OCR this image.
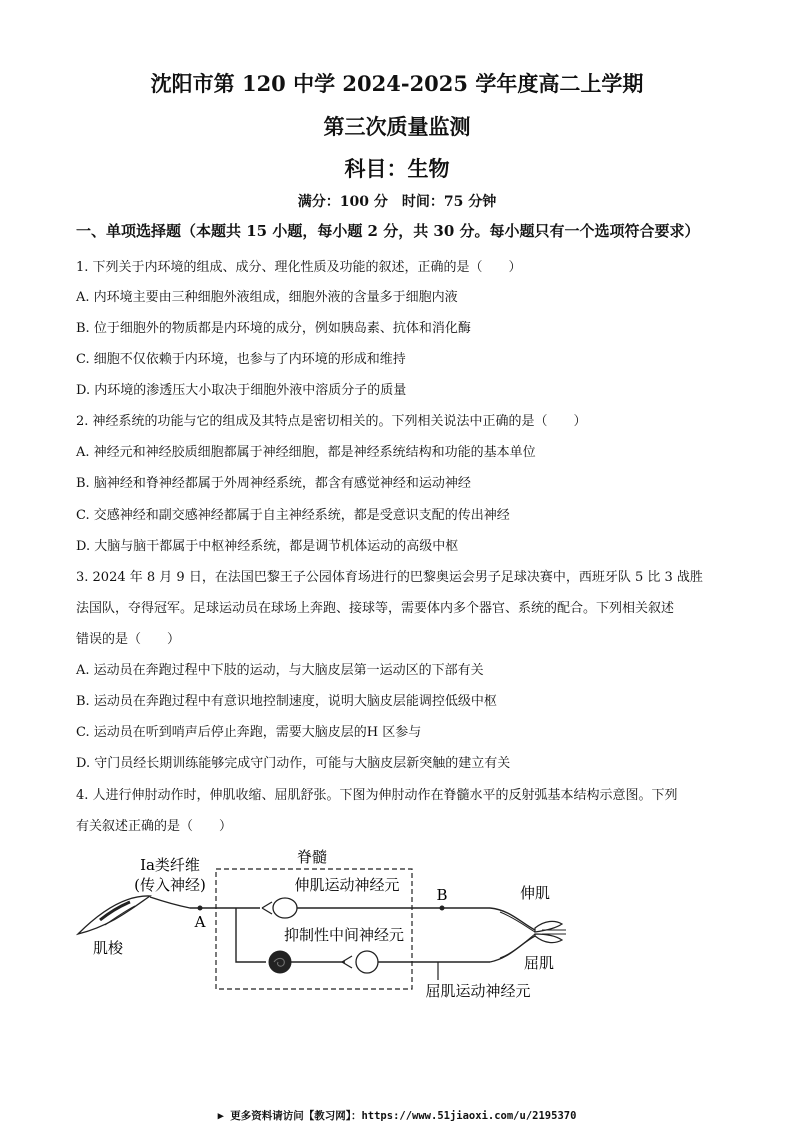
沈阳市第 120 中学 2024-2025 学年度高二上学期
第三次质量监测
科目：生物
满分：100 分　时间：75 分钟
一、单项选择题（本题共 15 小题，每小题 2 分，共 30 分。每小题只有一个选项符合要求）
1. 下列关于内环境的组成、成分、理化性质及功能的叙述，正确的是（　　）
A. 内环境主要由三种细胞外液组成，细胞外液的含量多于细胞内液
B. 位于细胞外的物质都是内环境的成分，例如胰岛素、抗体和消化酶
C. 细胞不仅依赖于内环境，也参与了内环境的形成和维持
D. 内环境的渗透压大小取决于细胞外液中溶质分子的质量
2. 神经系统的功能与它的组成及其特点是密切相关的。下列相关说法中正确的是（　　）
A. 神经元和神经胶质细胞都属于神经细胞，都是神经系统结构和功能的基本单位
B. 脑神经和脊神经都属于外周神经系统，都含有感觉神经和运动神经
C. 交感神经和副交感神经都属于自主神经系统，都是受意识支配的传出神经
D. 大脑与脑干都属于中枢神经系统，都是调节机体运动的高级中枢
3. 2024 年 8 月 9 日，在法国巴黎王子公园体育场进行的巴黎奥运会男子足球决赛中，西班牙队 5 比 3 战胜
法国队，夺得冠军。足球运动员在球场上奔跑、接球等，需要体内多个器官、系统的配合。下列相关叙述
错误的是（　　）
A. 运动员在奔跑过程中下肢的运动，与大脑皮层第一运动区的下部有关
B. 运动员在奔跑过程中有意识地控制速度，说明大脑皮层能调控低级中枢
C. 运动员在听到哨声后停止奔跑，需要大脑皮层的H 区参与
D. 守门员经长期训练能够完成守门动作，可能与大脑皮层新突触的建立有关
4. 人进行伸肘动作时，伸肌收缩、屈肌舒张。下图为伸肘动作在脊髓水平的反射弧基本结构示意图。下列
有关叙述正确的是（　　）
脊髓
Ia类纤维
(传入神经)
肌梭
A
伸肌运动神经元
B
抑制性中间神经元
屈肌运动神经元
伸肌
屈肌
▶ 更多资料请访问【教习网】：https://www.51jiaoxi.com/u/2195370
